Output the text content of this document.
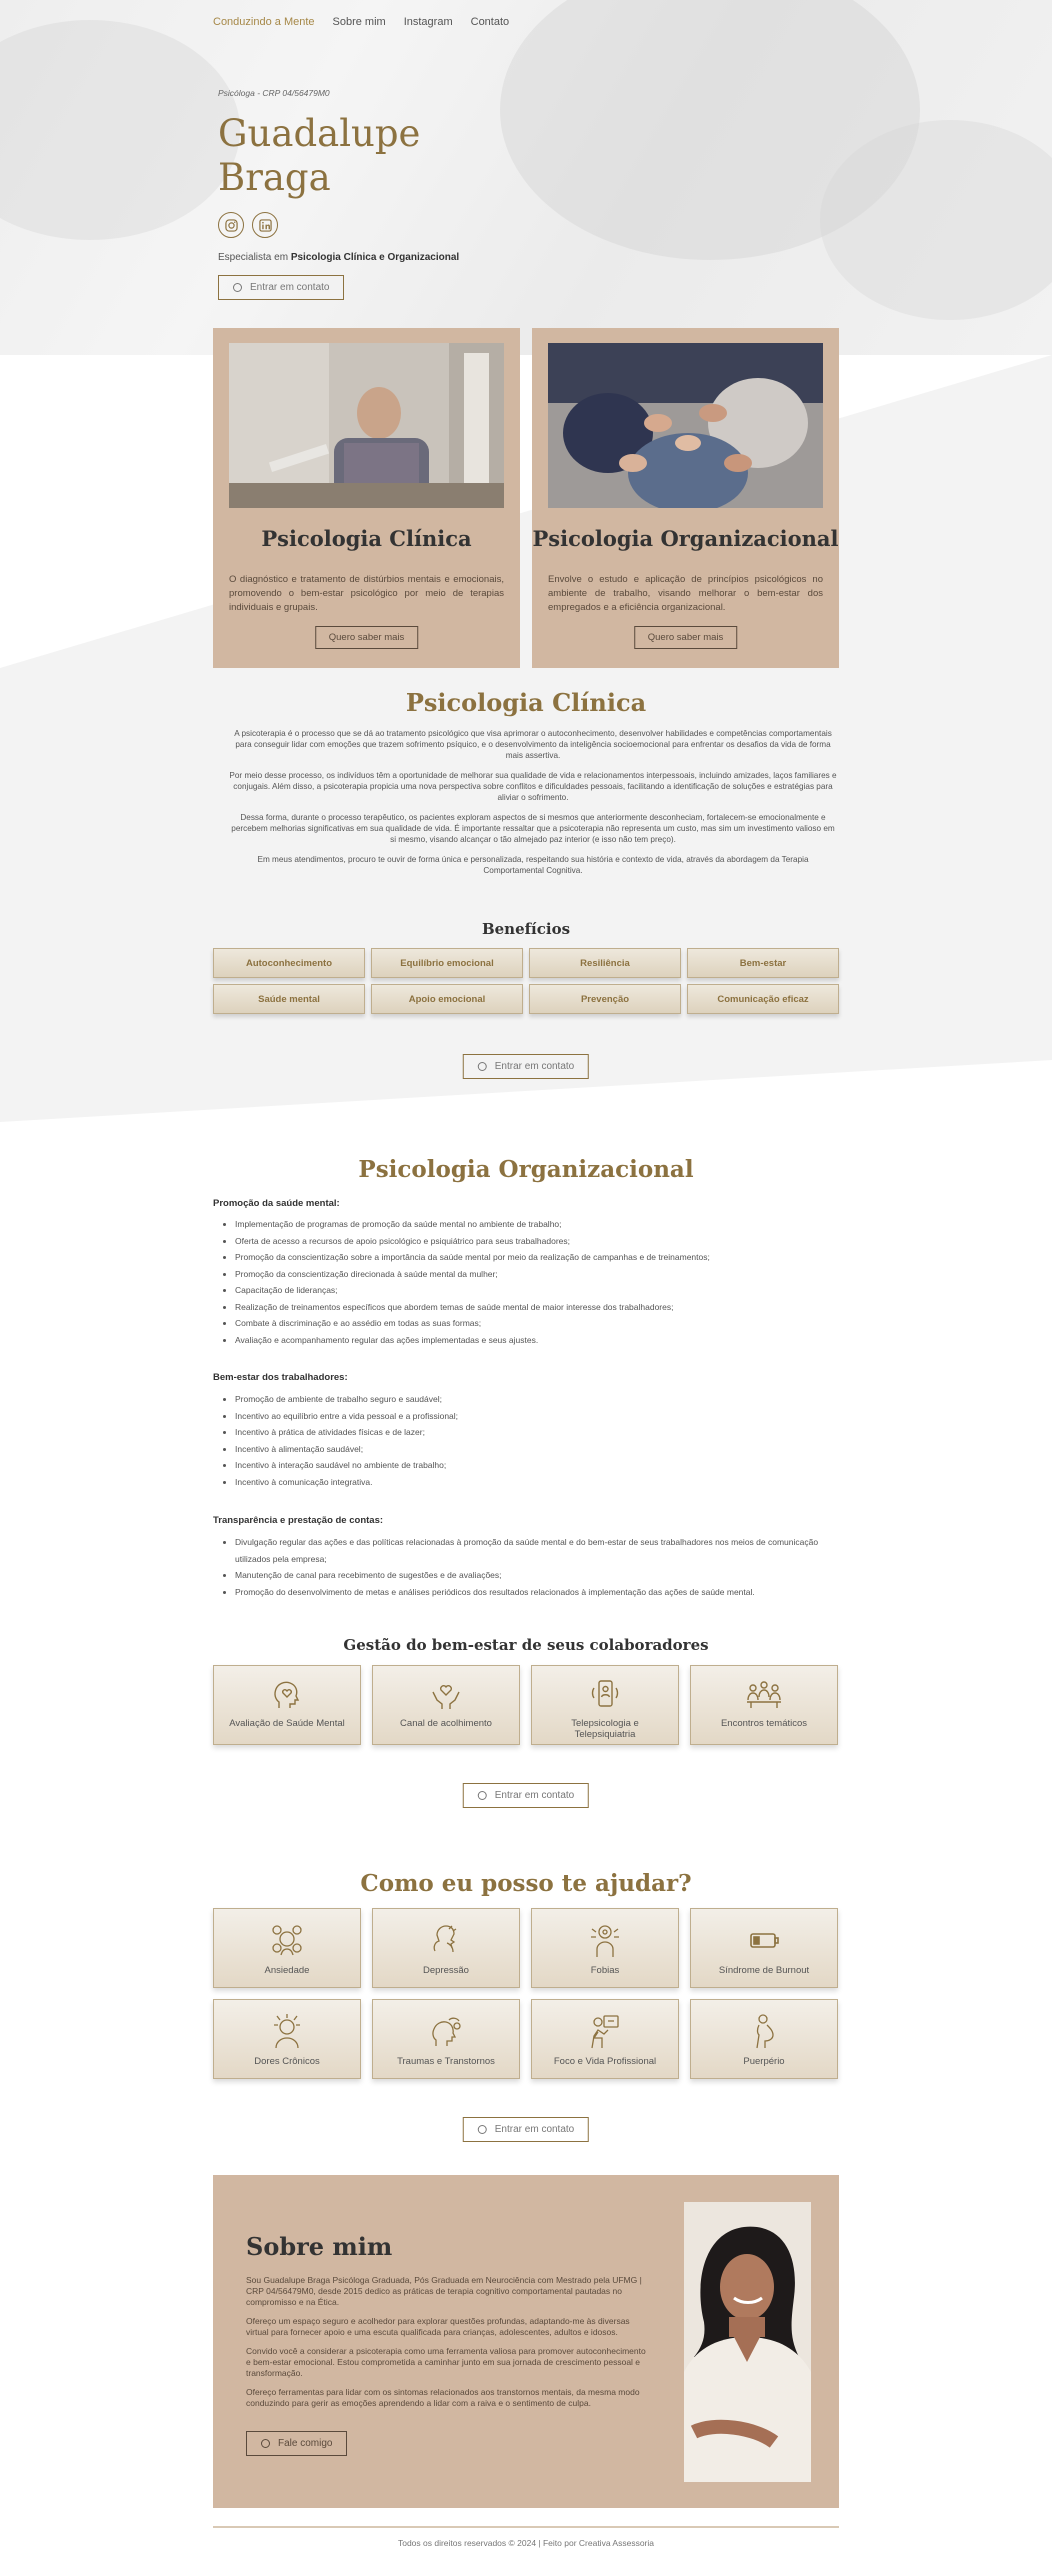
Conduzindo a Mente Sobre mim Instagram Contato
Psicóloga - CRP 04/56479M0
Guadalupe
Braga
Especialista em Psicologia Clínica e Organizacional
Entrar em contato
Psicologia Clínica

O diagnóstico e tratamento de distúrbios mentais e emocionais, promovendo o bem-estar psicológico por meio de terapias individuais e grupais.

Quero saber mais
Psicologia Organizacional

Envolve o estudo e aplicação de princípios psicológicos no ambiente de trabalho, visando melhorar o bem-estar dos empregados e a eficiência organizacional.

Quero saber mais
Psicologia Clínica

A psicoterapia é o processo que se dá ao tratamento psicológico que visa aprimorar o autoconhecimento, desenvolver habilidades e competências comportamentais para conseguir lidar com emoções que trazem sofrimento psíquico, e o desenvolvimento da inteligência socioemocional para enfrentar os desafios da vida de forma mais assertiva.

Por meio desse processo, os indivíduos têm a oportunidade de melhorar sua qualidade de vida e relacionamentos interpessoais, incluindo amizades, laços familiares e conjugais. Além disso, a psicoterapia propicia uma nova perspectiva sobre conflitos e dificuldades pessoais, facilitando a identificação de soluções e estratégias para aliviar o sofrimento.

Dessa forma, durante o processo terapêutico, os pacientes exploram aspectos de si mesmos que anteriormente desconheciam, fortalecem-se emocionalmente e percebem melhorias significativas em sua qualidade de vida. É importante ressaltar que a psicoterapia não representa um custo, mas sim um investimento valioso em si mesmo, visando alcançar o tão almejado paz interior (e isso não tem preço).

Em meus atendimentos, procuro te ouvir de forma única e personalizada, respeitando sua história e contexto de vida, através da abordagem da Terapia Comportamental Cognitiva.

Benefícios
Autoconhecimento	Equilíbrio emocional	Resiliência	Bem-estar
Saúde mental	Apoio emocional	Prevenção	Comunicação eficaz
Entrar em contato
Psicologia Organizacional
Promoção da saúde mental:
• Implementação de programas de promoção da saúde mental no ambiente de trabalho;
• Oferta de acesso a recursos de apoio psicológico e psiquiátrico para seus trabalhadores;
• Promoção da conscientização sobre a importância da saúde mental por meio da realização de campanhas e de treinamentos;
• Promoção da conscientização direcionada à saúde mental da mulher;
• Capacitação de lideranças;
• Realização de treinamentos específicos que abordem temas de saúde mental de maior interesse dos trabalhadores;
• Combate à discriminação e ao assédio em todas as suas formas;
• Avaliação e acompanhamento regular das ações implementadas e seus ajustes.
Bem-estar dos trabalhadores:
• Promoção de ambiente de trabalho seguro e saudável;
• Incentivo ao equilíbrio entre a vida pessoal e a profissional;
• Incentivo à prática de atividades físicas e de lazer;
• Incentivo à alimentação saudável;
• Incentivo à interação saudável no ambiente de trabalho;
• Incentivo à comunicação integrativa.
Transparência e prestação de contas:
• Divulgação regular das ações e das políticas relacionadas à promoção da saúde mental e do bem-estar de seus trabalhadores nos meios de comunicação utilizados pela empresa;
• Manutenção de canal para recebimento de sugestões e de avaliações;
• Promoção do desenvolvimento de metas e análises periódicos dos resultados relacionados à implementação das ações de saúde mental.
Gestão do bem-estar de seus colaboradores
Avaliação de Saúde Mental	Canal de acolhimento	Telepsicologia e Telepsiquiatria
Encontros temáticos
Entrar em contato
Como eu posso te ajudar?
Ansiedade	Depressão	Fobias	Síndrome de Burnout
Dores Crônicos	Traumas e Transtornos	Foco e Vida Profissional	Puerpério
Entrar em contato
Sobre mim

Sou Guadalupe Braga Psicóloga Graduada, Pós Graduada em Neurociência com Mestrado pela UFMG | CRP 04/56479M0, desde 2015 dedico as práticas de terapia cognitivo comportamental pautadas no compromisso e na Ética.

Ofereço um espaço seguro e acolhedor para explorar questões profundas, adaptando-me às diversas virtual para fornecer apoio e uma escuta qualificada para crianças, adolescentes, adultos e idosos.

Convido você a considerar a psicoterapia como uma ferramenta valiosa para promover autoconhecimento e bem-estar emocional. Estou comprometida a caminhar junto em sua jornada de crescimento pessoal e transformação.

Ofereço ferramentas para lidar com os sintomas relacionados aos transtornos mentais, da mesma modo conduzindo para gerir as emoções aprendendo a lidar com a raiva e o sentimento de culpa.

Fale comigo
Todos os direitos reservados © 2024 | Feito por Creativa Assessoria
